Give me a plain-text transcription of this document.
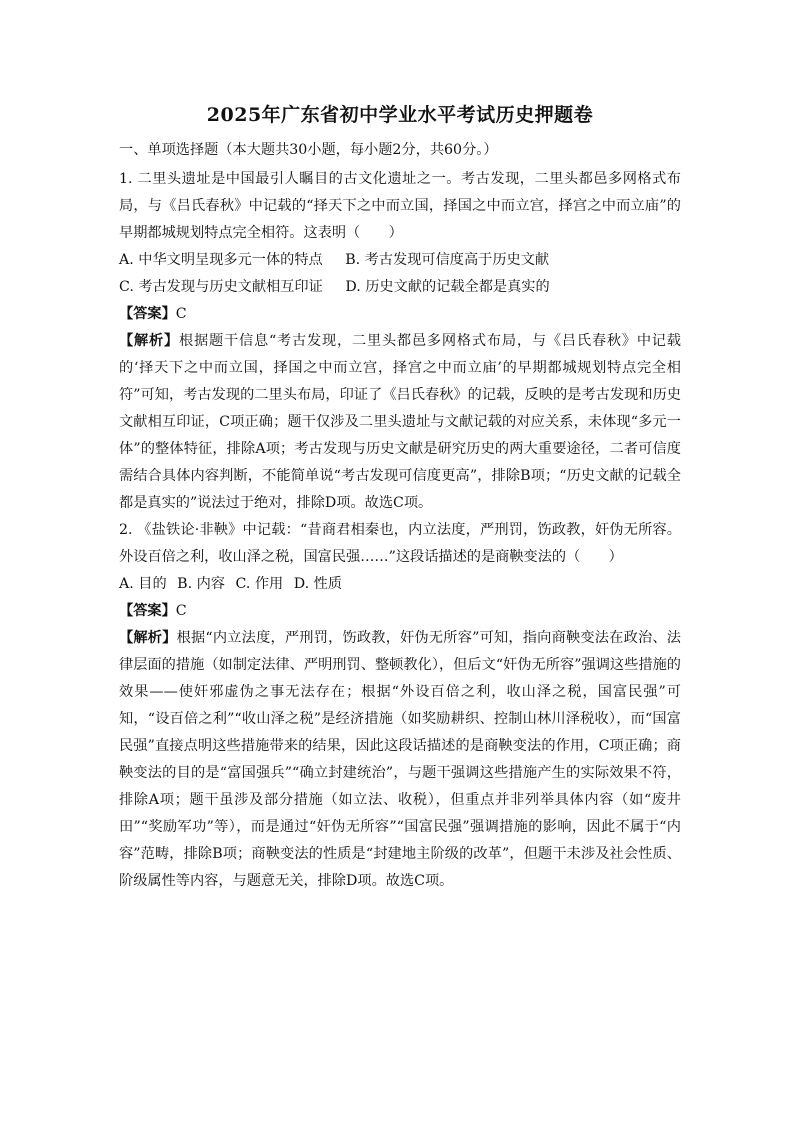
2025年广东省初中学业水平考试历史押题卷

一、单项选择题（本大题共30小题，每小题2分，共60分。）

1. 二里头遗址是中国最引人瞩目的古文化遗址之一。考古发现，二里头都邑多网格式布局，与《吕氏春秋》中记载的“择天下之中而立国，择国之中而立宫，择宫之中而立庙”的早期都城规划特点完全相符。这表明（　　）

A. 中华文明呈现多元一体的特点 B. 考古发现可信度高于历史文献

C. 考古发现与历史文献相互印证 D. 历史文献的记载全都是真实的

【答案】C

【解析】根据题干信息“考古发现，二里头都邑多网格式布局，与《吕氏春秋》中记载的‘择天下之中而立国，择国之中而立宫，择宫之中而立庙’的早期都城规划特点完全相符”可知，考古发现的二里头布局，印证了《吕氏春秋》的记载，反映的是考古发现和历史文献相互印证，C项正确；题干仅涉及二里头遗址与文献记载的对应关系，未体现“多元一体”的整体特征，排除A项；考古发现与历史文献是研究历史的两大重要途径，二者可信度需结合具体内容判断，不能简单说“考古发现可信度更高”，排除B项；“历史文献的记载全都是真实的”说法过于绝对，排除D项。故选C项。

2. 《盐铁论·非鞅》中记载：“昔商君相秦也，内立法度，严刑罚，饬政教，奸伪无所容。外设百倍之利，收山泽之税，国富民强……”这段话描述的是商鞅变法的（　　）

A. 目的 B. 内容 C. 作用 D. 性质

【答案】C

【解析】根据“内立法度，严刑罚，饬政教，奸伪无所容”可知，指向商鞅变法在政治、法律层面的措施（如制定法律、严明刑罚、整顿教化），但后文“奸伪无所容”强调这些措施的效果——使奸邪虚伪之事无法存在；根据“外设百倍之利，收山泽之税，国富民强”可知，“设百倍之利”“收山泽之税”是经济措施（如奖励耕织、控制山林川泽税收），而“国富民强”直接点明这些措施带来的结果，因此这段话描述的是商鞅变法的作用，C项正确；商鞅变法的目的是“富国强兵”“确立封建统治”，与题干强调这些措施产生的实际效果不符，排除A项；题干虽涉及部分措施（如立法、收税），但重点并非列举具体内容（如“废井田”“奖励军功”等），而是通过“奸伪无所容”“国富民强”强调措施的影响，因此不属于“内容”范畴，排除B项；商鞅变法的性质是“封建地主阶级的改革”，但题干未涉及社会性质、阶级属性等内容，与题意无关，排除D项。故选C项。
